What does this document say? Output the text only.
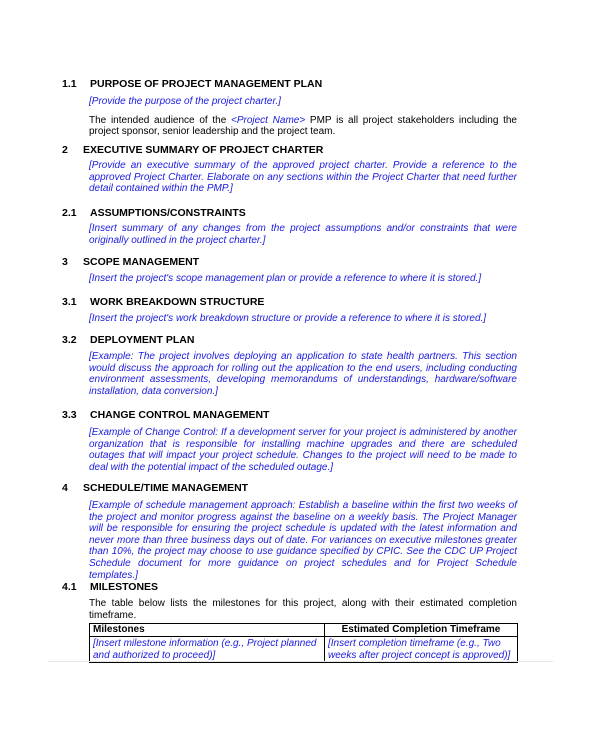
1.1 PURPOSE OF PROJECT MANAGEMENT PLAN
[Provide the purpose of the project charter.]
The intended audience of the <Project Name> PMP is all project stakeholders including the project sponsor, senior leadership and the project team.
2 EXECUTIVE SUMMARY OF PROJECT CHARTER
[Provide an executive summary of the approved project charter. Provide a reference to the approved Project Charter. Elaborate on any sections within the Project Charter that need further detail contained within the PMP.]
2.1 ASSUMPTIONS/CONSTRAINTS
[Insert summary of any changes from the project assumptions and/or constraints that were originally outlined in the project charter.]
3 SCOPE MANAGEMENT
[Insert the project's scope management plan or provide a reference to where it is stored.]
3.1 WORK BREAKDOWN STRUCTURE
[Insert the project's work breakdown structure or provide a reference to where it is stored.]
3.2 DEPLOYMENT PLAN
[Example: The project involves deploying an application to state health partners. This section would discuss the approach for rolling out the application to the end users, including conducting environment assessments, developing memorandums of understandings, hardware/software installation, data conversion.]
3.3 CHANGE CONTROL MANAGEMENT
[Example of Change Control: If a development server for your project is administered by another organization that is responsible for installing machine upgrades and there are scheduled outages that will impact your project schedule. Changes to the project will need to be made to deal with the potential impact of the scheduled outage.]
4 SCHEDULE/TIME MANAGEMENT
[Example of schedule management approach: Establish a baseline within the first two weeks of the project and monitor progress against the baseline on a weekly basis. The Project Manager will be responsible for ensuring the project schedule is updated with the latest information and never more than three business days out of date. For variances on executive milestones greater than 10%, the project may choose to use guidance specified by CPIC. See the CDC UP Project Schedule document for more guidance on project schedules and for Project Schedule templates.]
4.1 MILESTONES
The table below lists the milestones for this project, along with their estimated completion timeframe.
Milestones	Estimated Completion Timeframe
[Insert milestone information (e.g., Project planned and authorized to proceed)]	[Insert completion timeframe (e.g., Two weeks after project concept is approved)]
